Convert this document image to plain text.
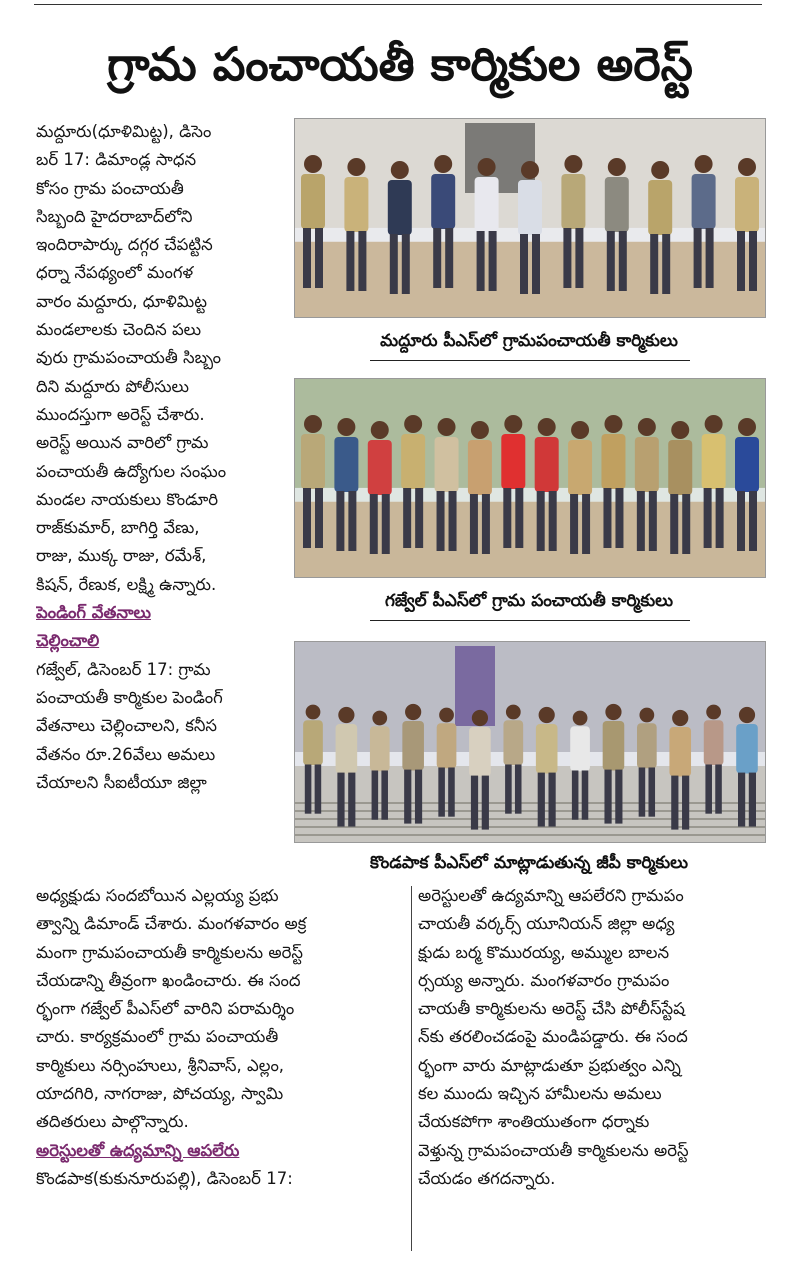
గ్రామ పంచాయతీ కార్మికుల అరెస్ట్
మద్దూరు(ధూళిమిట్ట), డిసెం
బర్ 17: డిమాండ్ల సాధన
కోసం గ్రామ పంచాయతీ
సిబ్బంది హైదరాబాద్‌లోని
ఇందిరాపార్కు దగ్గర చేపట్టిన
ధర్నా నేపథ్యంలో మంగళ
వారం మద్దూరు, ధూళిమిట్ట
మండలాలకు చెందిన పలు
వురు గ్రామపంచాయతీ సిబ్బం
దిని మద్దూరు పోలీసులు
ముందస్తుగా అరెస్ట్ చేశారు.
అరెస్ట్ అయిన వారిలో గ్రామ
పంచాయతీ ఉద్యోగుల సంఘం
మండల నాయకులు కొండూరి
రాజ్‌కుమార్, బాగిర్తి వేణు,
రాజు, ముక్క రాజు, రమేశ్,
కిషన్, రేణుక, లక్ష్మి ఉన్నారు.
పెండింగ్ వేతనాలు
చెల్లించాలి
గజ్వేల్, డిసెంబర్ 17: గ్రామ
పంచాయతీ కార్మికుల పెండింగ్
వేతనాలు చెల్లించాలని, కనీస
వేతనం రూ.26వేలు అమలు
చేయాలని సీఐటీయూ జిల్లా
అధ్యక్షుడు సందబోయిన ఎల్లయ్య ప్రభు
త్వాన్ని డిమాండ్ చేశారు. మంగళవారం అక్ర
మంగా గ్రామపంచాయతీ కార్మికులను అరెస్ట్
చేయడాన్ని తీవ్రంగా ఖండించారు. ఈ సంద
ర్భంగా గజ్వేల్ పీఎస్‌లో వారిని పరామర్శిం
చారు. కార్యక్రమంలో గ్రామ పంచాయతీ
కార్మికులు నర్సింహులు, శ్రీనివాస్, ఎల్లం,
యాదగిరి, నాగరాజు, పోచయ్య, స్వామి
తదితరులు పాల్గొన్నారు.
అరెస్టులతో ఉద్యమాన్ని ఆపలేరు
కొండపాక(కుకునూరుపల్లి), డిసెంబర్ 17:
అరెస్టులతో ఉద్యమాన్ని ఆపలేరని గ్రామపం
చాయతీ వర్కర్స్ యూనియన్ జిల్లా అధ్య
క్షుడు బర్మ కొమురయ్య, అమ్ముల బాలన
ర్సయ్య అన్నారు. మంగళవారం గ్రామపం
చాయతీ కార్మికులను అరెస్ట్ చేసి పోలీస్‌స్టేష
న్‌కు తరలించడంపై మండిపడ్డారు. ఈ సంద
ర్భంగా వారు మాట్లాడుతూ ప్రభుత్వం ఎన్ని
కల ముందు ఇచ్చిన హామీలను అమలు
చేయకపోగా శాంతియుతంగా ధర్నాకు
వెళ్తున్న గ్రామపంచాయతీ కార్మికులను అరెస్ట్
చేయడం తగదన్నారు.
మద్దూరు పీఎస్‌లో గ్రామపంచాయతీ కార్మికులు
గజ్వేల్ పీఎస్‌లో గ్రామ పంచాయతీ కార్మికులు
కొండపాక పీఎస్‌లో మాట్లాడుతున్న జీపీ కార్మికులు
